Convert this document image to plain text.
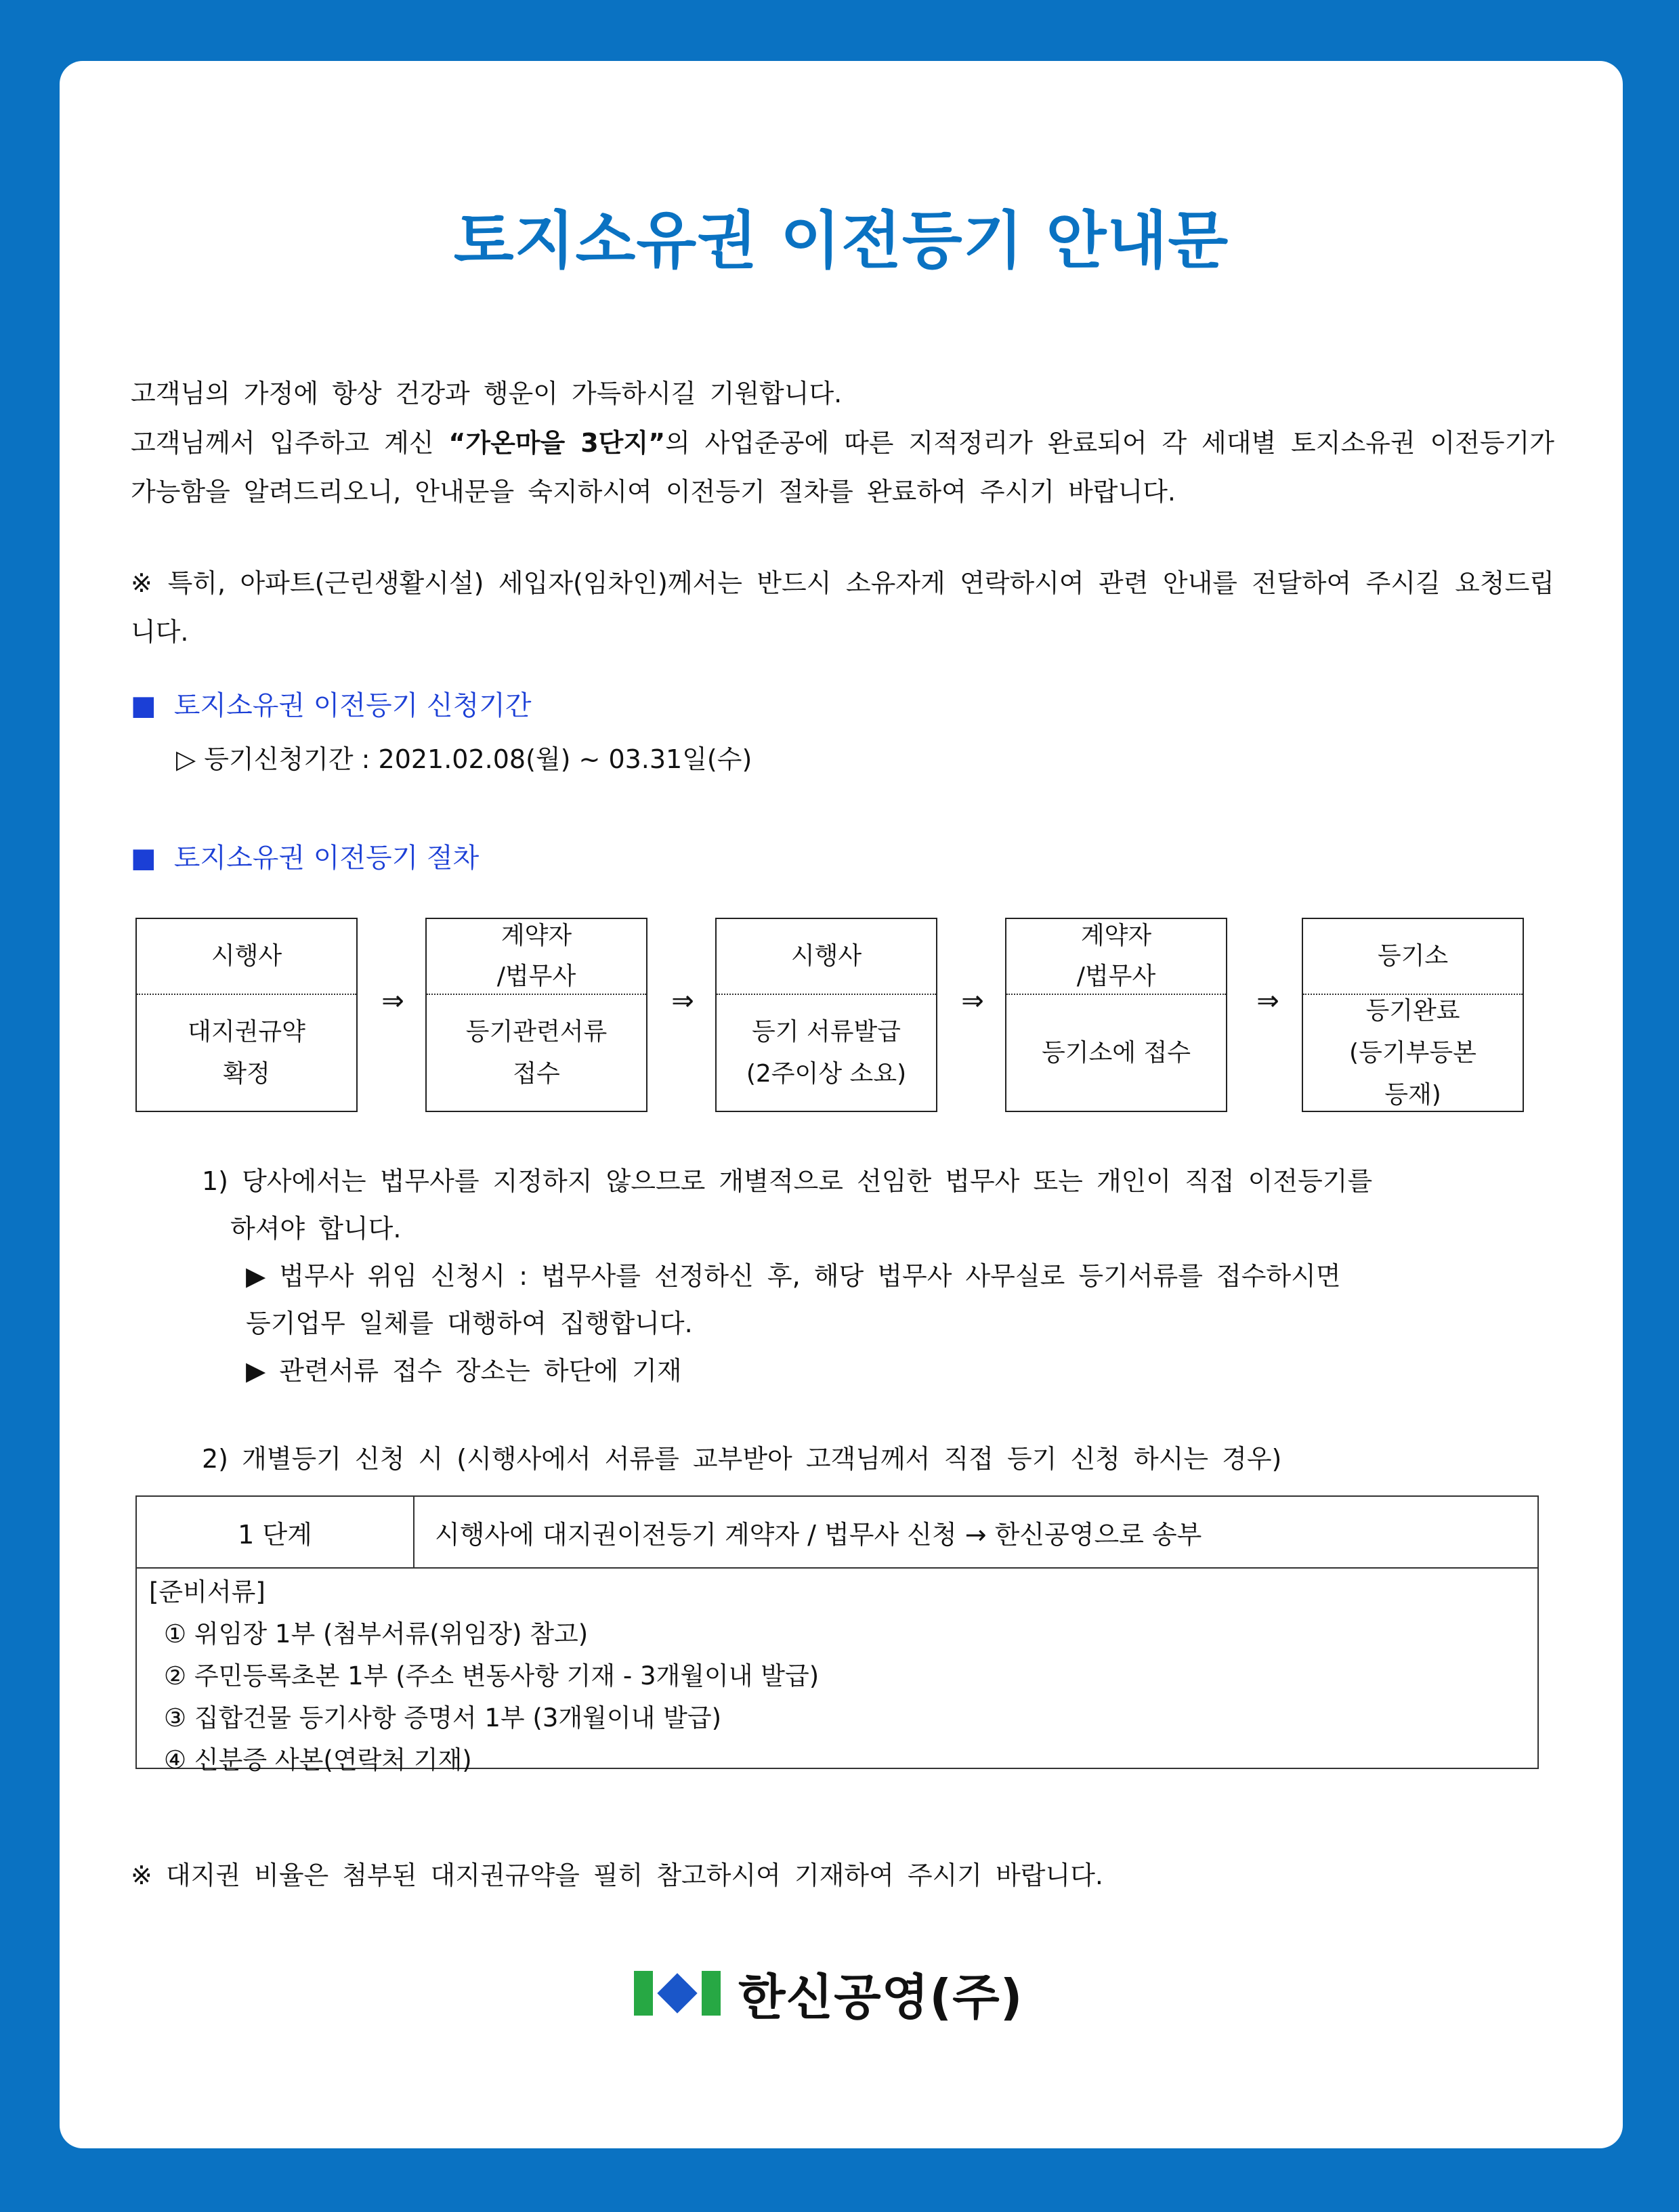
토지소유권 이전등기 안내문
고객님의 가정에 항상 건강과 행운이 가득하시길 기원합니다.
고객님께서 입주하고 계신 “가온마을 3단지”의 사업준공에 따른 지적정리가 완료되어 각 세대별 토지소유권 이전등기가 가능함을 알려드리오니, 안내문을 숙지하시여 이전등기 절차를 완료하여 주시기 바랍니다.
※ 특히, 아파트(근린생활시설) 세입자(임차인)께서는 반드시 소유자게 연락하시여 관련 안내를 전달하여 주시길 요청드립니다.
■ 토지소유권 이전등기 신청기간
▷ 등기신청기간 : 2021.02.08(월) ~ 03.31일(수)
■ 토지소유권 이전등기 절차
시행사
대지권규약
확정
⇒
계약자
/법무사
등기관련서류
접수
⇒
시행사
등기 서류발급
(2주이상 소요)
⇒
계약자
/법무사
등기소에 접수
⇒
등기소
등기완료
(등기부등본
등재)
1) 당사에서는 법무사를 지정하지 않으므로 개별적으로 선임한 법무사 또는 개인이 직접 이전등기를
하셔야 합니다.
▶ 법무사 위임 신청시 : 법무사를 선정하신 후, 해당 법무사 사무실로 등기서류를 접수하시면
등기업무 일체를 대행하여 집행합니다.
▶ 관련서류 접수 장소는 하단에 기재
2) 개별등기 신청 시 (시행사에서 서류를 교부받아 고객님께서 직접 등기 신청 하시는 경우)
1 단계	시행사에 대지권이전등기 계약자 / 법무사 신청 → 한신공영으로 송부
[준비서류]
① 위임장 1부 (첨부서류(위임장) 참고)
② 주민등록초본 1부 (주소 변동사항 기재 - 3개월이내 발급)
③ 집합건물 등기사항 증명서 1부 (3개월이내 발급)
④ 신분증 사본(연락처 기재)
※ 대지권 비율은 첨부된 대지권규약을 필히 참고하시여 기재하여 주시기 바랍니다.
한신공영(주)
